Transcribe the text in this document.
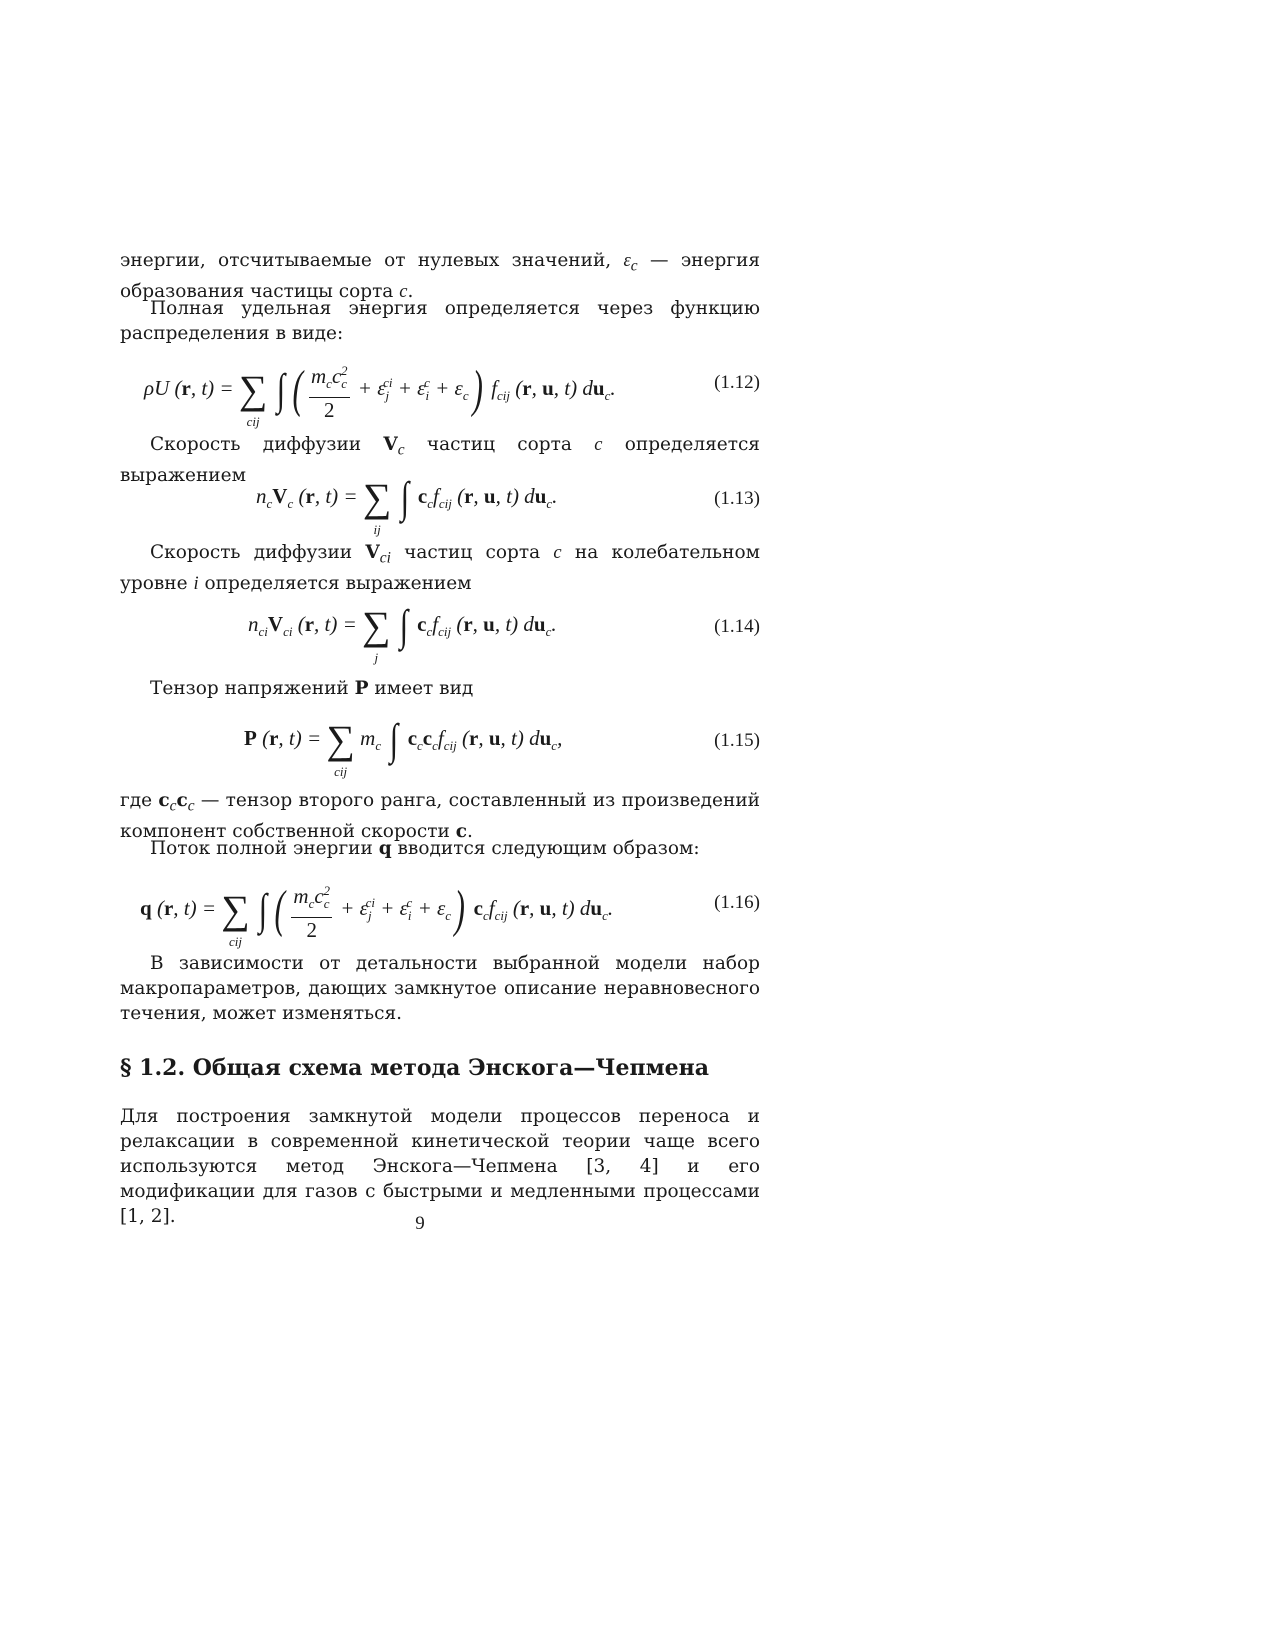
энергии, отсчитываемые от нулевых значений, $\varepsilon_c$ — энергия образования частицы сорта c.

Полная удельная энергия определяется через функцию распределения в виде:

ρU (r, t) = ∑
cij
∫ ( $\frac{m_cc_c^2}{2} + \varepsilon_j^{ci} + \varepsilon_i^c + \varepsilon_c$) $f_{cij}$ (r, u, t) $du_c$.	(1.12)

Скорость диффузии $V_c$ частиц сорта c определяется выражением

$n_cV_c$ (r, t) = ∑
ij
∫ $c_cf_{cij}$ (r, u, t) $du_c$.	(1.13)

Скорость диффузии $V_{ci}$ частиц сорта c на колебательном уровне i определяется выражением

$n_{ci}V_{ci}$ (r, t) = ∑
j
∫ $c_cf_{cij}$ (r, u, t) $du_c$.	(1.14)

Тензор напряжений P имеет вид

P (r, t) = ∑
cij
$m_c$ ∫ $c_cc_cf_{cij}$ (r, u, t) $du_c$,	(1.15)

где $c_cc_c$ — тензор второго ранга, составленный из произведений компонент собственной скорости c.

Поток полной энергии q вводится следующим образом:

q (r, t) = ∑
cij
∫ ( $\frac{m_cc_c^2}{2} + \varepsilon_j^{ci} + \varepsilon_i^c + \varepsilon_c$) $c_cf_{cij}$ (r, u, t) $du_c$.	(1.16)

В зависимости от детальности выбранной модели набор макропараметров, дающих замкнутое описание неравновесного течения, может изменяться.

§ 1.2. Общая схема метода Энскога—Чепмена

Для построения замкнутой модели процессов переноса и релаксации в современной кинетической теории чаще всего используются метод Энскога—Чепмена [3, 4] и его модификации для газов с быстрыми и медленными процессами [1, 2].	9
